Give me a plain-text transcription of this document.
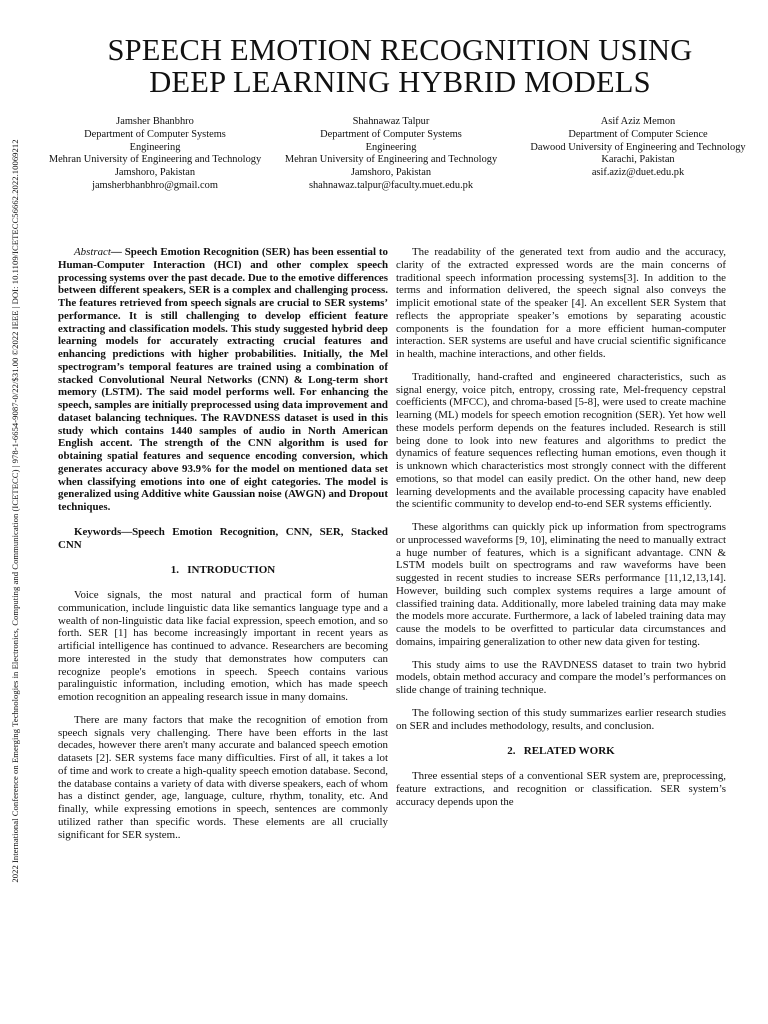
2022 International Conference on Emerging Technologies in Electronics, Computing and Communication (ICETECC) | 978-1-6654-9087-0/22/$31.00 ©2022 IEEE | DOI: 10.1109/ICETECC56662.2022.10069212
SPEECH EMOTION RECOGNITION USING
DEEP LEARNING HYBRID MODELS
Jamsher Bhanbhro
Department of Computer Systems Engineering
Mehran University of Engineering and Technology
Jamshoro, Pakistan
jamsherbhanbhro@gmail.com
Shahnawaz Talpur
Department of Computer Systems Engineering
Mehran University of Engineering and Technology
Jamshoro, Pakistan
shahnawaz.talpur@faculty.muet.edu.pk
Asif Aziz Memon
Department of Computer Science
Dawood University of Engineering and Technology
Karachi, Pakistan
asif.aziz@duet.edu.pk

Abstract— Speech Emotion Recognition (SER) has been essential to Human-Computer Interaction (HCI) and other complex speech processing systems over the past decade. Due to the emotive differences between different speakers, SER is a complex and challenging process. The features retrieved from speech signals are crucial to SER systems’ performance. It is still challenging to develop efficient feature extracting and classification models. This study suggested hybrid deep learning models for accurately extracting crucial features and enhancing predictions with higher probabilities. Initially, the Mel spectrogram’s temporal features are trained using a combination of stacked Convolutional Neural Networks (CNN) & Long-term short memory (LSTM). The said model performs well. For enhancing the speech, samples are initially preprocessed using data improvement and dataset balancing techniques. The RAVDNESS dataset is used in this study which contains 1440 samples of audio in North American English accent. The strength of the CNN algorithm is used for obtaining spatial features and sequence encoding conversion, which generates accuracy above 93.9% for the model on mentioned data set when classifying emotions into one of eight categories. The model is generalized using Additive white Gaussian noise (AWGN) and Dropout techniques.

Keywords—Speech Emotion Recognition, CNN, SER, Stacked CNN

1. INTRODUCTION

Voice signals, the most natural and practical form of human communication, include linguistic data like semantics language type and a wealth of non-linguistic data like facial expression, speech emotion, and so forth. SER [1] has become increasingly important in recent years as artificial intelligence has continued to advance. Researchers are becoming more interested in the study that demonstrates how computers can recognize people's emotions in speech. Speech contains various paralinguistic information, including emotion, which has made speech emotion recognition an appealing research issue in many domains.

There are many factors that make the recognition of emotion from speech signals very challenging. There have been efforts in the last decades, however there aren't many accurate and balanced speech emotion datasets [2]. SER systems face many difficulties. First of all, it takes a lot of time and work to create a high-quality speech emotion database. Second, the database contains a variety of data with diverse speakers, each of whom has a distinct gender, age, language, culture, rhythm, tonality, etc. And finally, while expressing emotions in speech, sentences are commonly utilized rather than specific words. These elements are all crucially significant for SER system..

The readability of the generated text from audio and the accuracy, clarity of the extracted expressed words are the main concerns of traditional speech information processing systems[3]. In addition to the terms and information delivered, the speech signal also conveys the implicit emotional state of the speaker [4]. An excellent SER System that reflects the appropriate speaker’s emotions by separating acoustic components is the foundation for a more efficient human-computer interaction. SER systems are useful and have crucial scientific significance in health, machine interactions, and other fields.

Traditionally, hand-crafted and engineered characteristics, such as signal energy, voice pitch, entropy, crossing rate, Mel-frequency cepstral coefficients (MFCC), and chroma-based [5-8], were used to create machine learning (ML) models for speech emotion recognition (SER). Yet how well these models perform depends on the features included. Research is still being done to look into new features and algorithms to predict the dynamics of feature sequences reflecting human emotions, even though it is unknown which characteristics most strongly connect with the different emotions, so that model can easily predict. On the other hand, new deep learning developments and the available processing capacity have enabled the scientific community to develop end-to-end SER systems efficiently.

These algorithms can quickly pick up information from spectrograms or unprocessed waveforms [9, 10], eliminating the need to manually extract a huge number of features, which is a significant advantage. CNN & LSTM models built on spectrograms and raw waveforms have been suggested in recent studies to increase SERs performance [11,12,13,14]. However, building such complex systems requires a large amount of classified training data. Additionally, more labeled training data may make the models more accurate. Furthermore, a lack of labeled training data may cause the models to be overfitted to particular data circumstances and domains, impairing generalization to other new data given for testing.

This study aims to use the RAVDNESS dataset to train two hybrid models, obtain method accuracy and compare the model’s performances on slide change of training technique.

The following section of this study summarizes earlier research studies on SER and includes methodology, results, and conclusion.

2. RELATED WORK

Three essential steps of a conventional SER system are, preprocessing, feature extractions, and recognition or classification. SER system’s accuracy depends upon the
